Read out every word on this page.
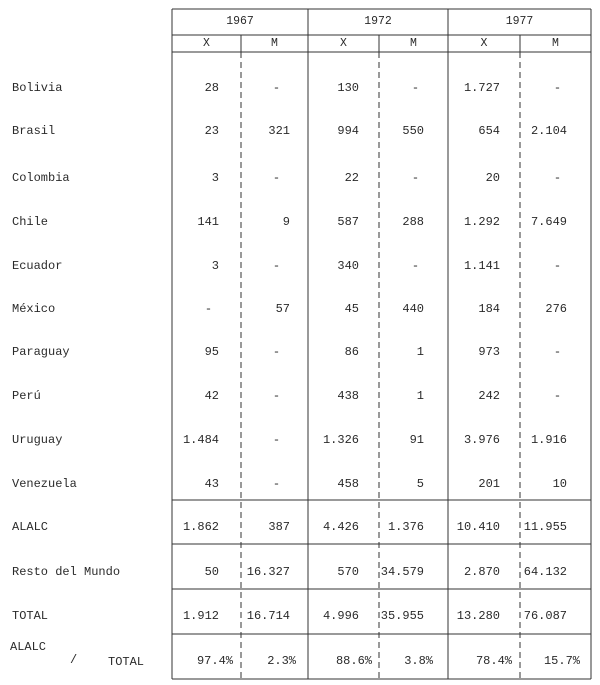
1967	1972	1977
X	M	X	M	X	M
Bolivia	28	-	130	-	1.727	-
Brasil	23	321	994	550	654	2.104
Colombia	3	-	22	-	20	-
Chile	141	9	587	288	1.292	7.649
Ecuador	3	-	340	-	1.141	-
México	-	57	45	440	184	276
Paraguay	95	-	86	1	973	-
Perú	42	-	438	1	242	-
Uruguay	1.484	-	1.326	91	3.976	1.916
Venezuela	43	-	458	5	201	10
ALALC	1.862	387	4.426	1.376	10.410	11.955
Resto del Mundo	50	16.327	570	34.579	2.870	64.132
TOTAL	1.912	16.714	4.996	35.955	13.280	76.087
ALALC
/	TOTAL	97.4%	2.3%	88.6%	3.8%	78.4%	15.7%
